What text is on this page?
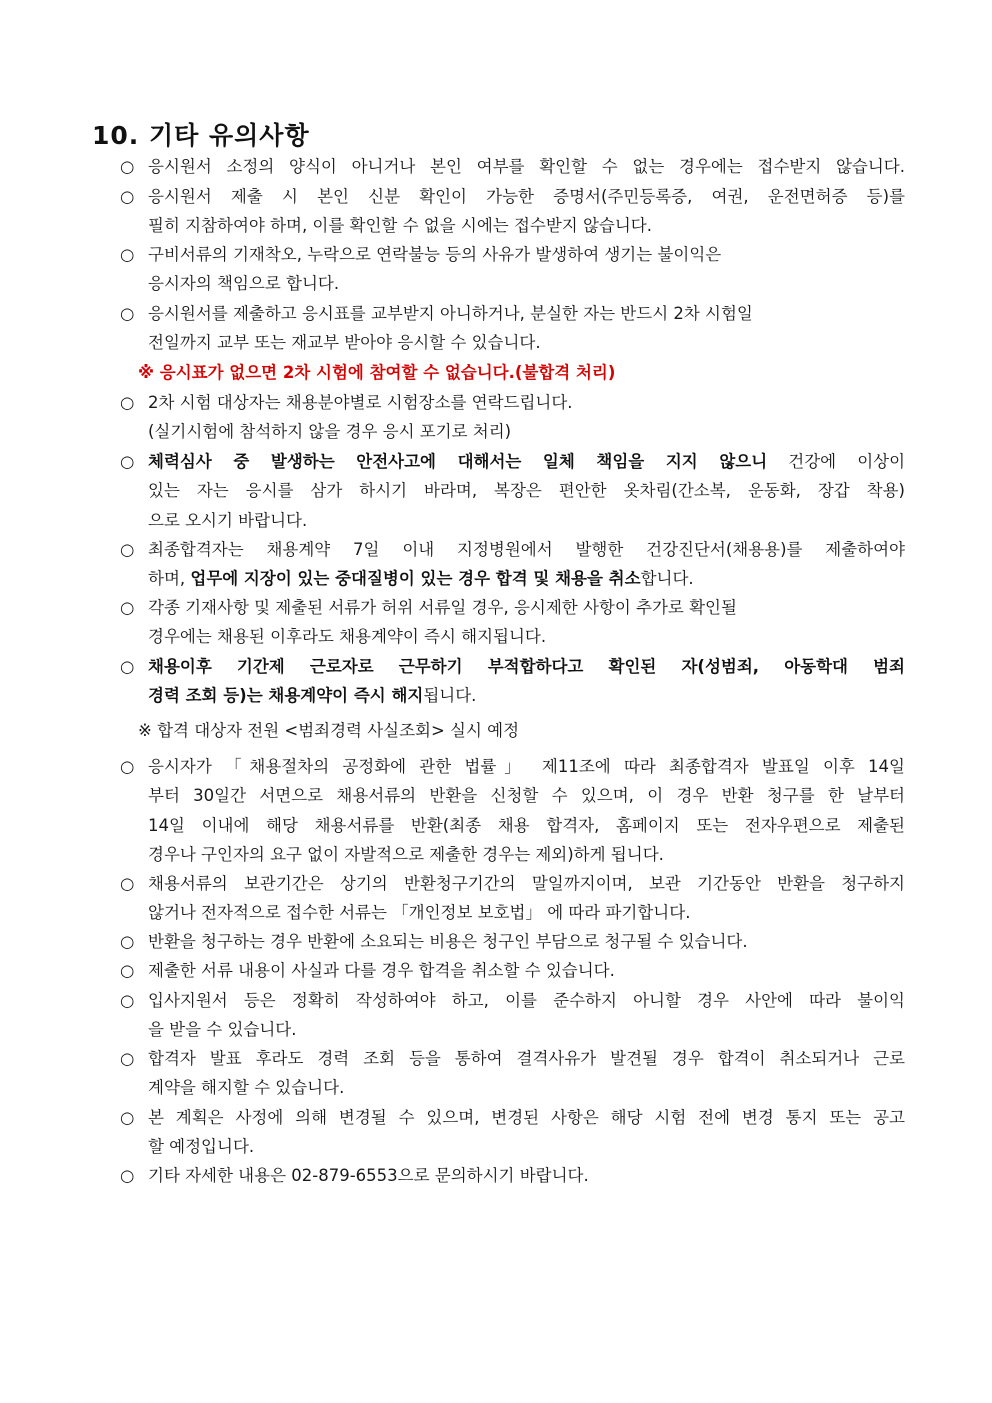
10. 기타 유의사항
○ 응시원서 소정의 양식이 아니거나 본인 여부를 확인할 수 없는 경우에는 접수받지 않습니다.
○ 응시원서 제출 시 본인 신분 확인이 가능한 증명서(주민등록증, 여권, 운전면허증 등)를
필히 지참하여야 하며, 이를 확인할 수 없을 시에는 접수받지 않습니다.
○ 구비서류의 기재착오, 누락으로 연락불능 등의 사유가 발생하여 생기는 불이익은
응시자의 책임으로 합니다.
○ 응시원서를 제출하고 응시표를 교부받지 아니하거나, 분실한 자는 반드시 2차 시험일
전일까지 교부 또는 재교부 받아야 응시할 수 있습니다.
※ 응시표가 없으면 2차 시험에 참여할 수 없습니다.(불합격 처리)
○ 2차 시험 대상자는 채용분야별로 시험장소를 연락드립니다.
(실기시험에 참석하지 않을 경우 응시 포기로 처리)
○ 체력심사 중 발생하는 안전사고에 대해서는 일체 책임을 지지 않으니 건강에 이상이
있는 자는 응시를 삼가 하시기 바라며, 복장은 편안한 옷차림(간소복, 운동화, 장갑 착용)
으로 오시기 바랍니다.
○ 최종합격자는 채용계약 7일 이내 지정병원에서 발행한 건강진단서(채용용)를 제출하여야
하며, 업무에 지장이 있는 중대질병이 있는 경우 합격 및 채용을 취소합니다.
○ 각종 기재사항 및 제출된 서류가 허위 서류일 경우, 응시제한 사항이 추가로 확인될
경우에는 채용된 이후라도 채용계약이 즉시 해지됩니다.
○ 채용이후 기간제 근로자로 근무하기 부적합하다고 확인된 자(성범죄, 아동학대 범죄
경력 조회 등)는 채용계약이 즉시 해지됩니다.
※ 합격 대상자 전원 <범죄경력 사실조회> 실시 예정
○ 응시자가 「채용절차의 공정화에 관한 법률」 제11조에 따라 최종합격자 발표일 이후 14일
부터 30일간 서면으로 채용서류의 반환을 신청할 수 있으며, 이 경우 반환 청구를 한 날부터
14일 이내에 해당 채용서류를 반환(최종 채용 합격자, 홈페이지 또는 전자우편으로 제출된
경우나 구인자의 요구 없이 자발적으로 제출한 경우는 제외)하게 됩니다.
○ 채용서류의 보관기간은 상기의 반환청구기간의 말일까지이며, 보관 기간동안 반환을 청구하지
않거나 전자적으로 접수한 서류는 「개인정보 보호법」 에 따라 파기합니다.
○ 반환을 청구하는 경우 반환에 소요되는 비용은 청구인 부담으로 청구될 수 있습니다.
○ 제출한 서류 내용이 사실과 다를 경우 합격을 취소할 수 있습니다.
○ 입사지원서 등은 정확히 작성하여야 하고, 이를 준수하지 아니할 경우 사안에 따라 불이익
을 받을 수 있습니다.
○ 합격자 발표 후라도 경력 조회 등을 통하여 결격사유가 발견될 경우 합격이 취소되거나 근로
계약을 해지할 수 있습니다.
○ 본 계획은 사정에 의해 변경될 수 있으며, 변경된 사항은 해당 시험 전에 변경 통지 또는 공고
할 예정입니다.
○ 기타 자세한 내용은 02-879-6553으로 문의하시기 바랍니다.
